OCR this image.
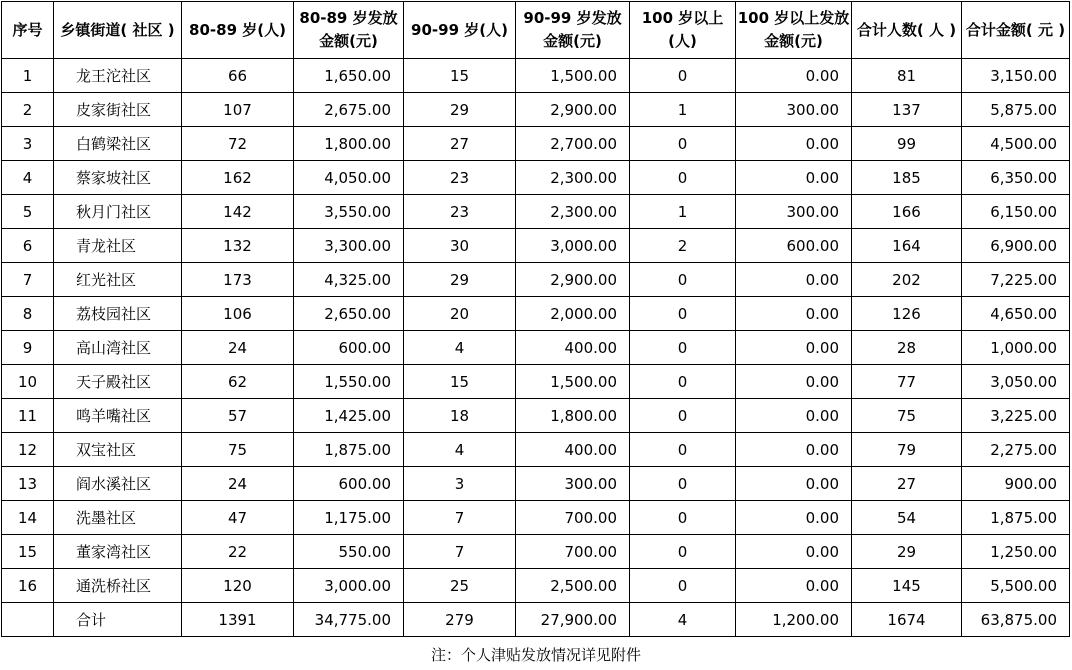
序号	乡镇街道( 社区 )	80-89 岁(人)	80-89 岁发放金额(元)	90-99 岁(人)	90-99 岁发放金额(元)	100 岁以上(人)	100 岁以上发放金额(元)	合计人数( 人 )	合计金额( 元 )
1	龙王沱社区	66	1,650.00	15	1,500.00	0	0.00	81	3,150.00
2	皮家街社区	107	2,675.00	29	2,900.00	1	300.00	137	5,875.00
3	白鹤梁社区	72	1,800.00	27	2,700.00	0	0.00	99	4,500.00
4	蔡家坡社区	162	4,050.00	23	2,300.00	0	0.00	185	6,350.00
5	秋月门社区	142	3,550.00	23	2,300.00	1	300.00	166	6,150.00
6	青龙社区	132	3,300.00	30	3,000.00	2	600.00	164	6,900.00
7	红光社区	173	4,325.00	29	2,900.00	0	0.00	202	7,225.00
8	荔枝园社区	106	2,650.00	20	2,000.00	0	0.00	126	4,650.00
9	高山湾社区	24	600.00	4	400.00	0	0.00	28	1,000.00
10	天子殿社区	62	1,550.00	15	1,500.00	0	0.00	77	3,050.00
11	鸣羊嘴社区	57	1,425.00	18	1,800.00	0	0.00	75	3,225.00
12	双宝社区	75	1,875.00	4	400.00	0	0.00	79	2,275.00
13	阎水溪社区	24	600.00	3	300.00	0	0.00	27	900.00
14	洗墨社区	47	1,175.00	7	700.00	0	0.00	54	1,875.00
15	董家湾社区	22	550.00	7	700.00	0	0.00	29	1,250.00
16	通洗桥社区	120	3,000.00	25	2,500.00	0	0.00	145	5,500.00
	合计	1391	34,775.00	279	27,900.00	4	1,200.00	1674	63,875.00
注：个人津贴发放情况详见附件
